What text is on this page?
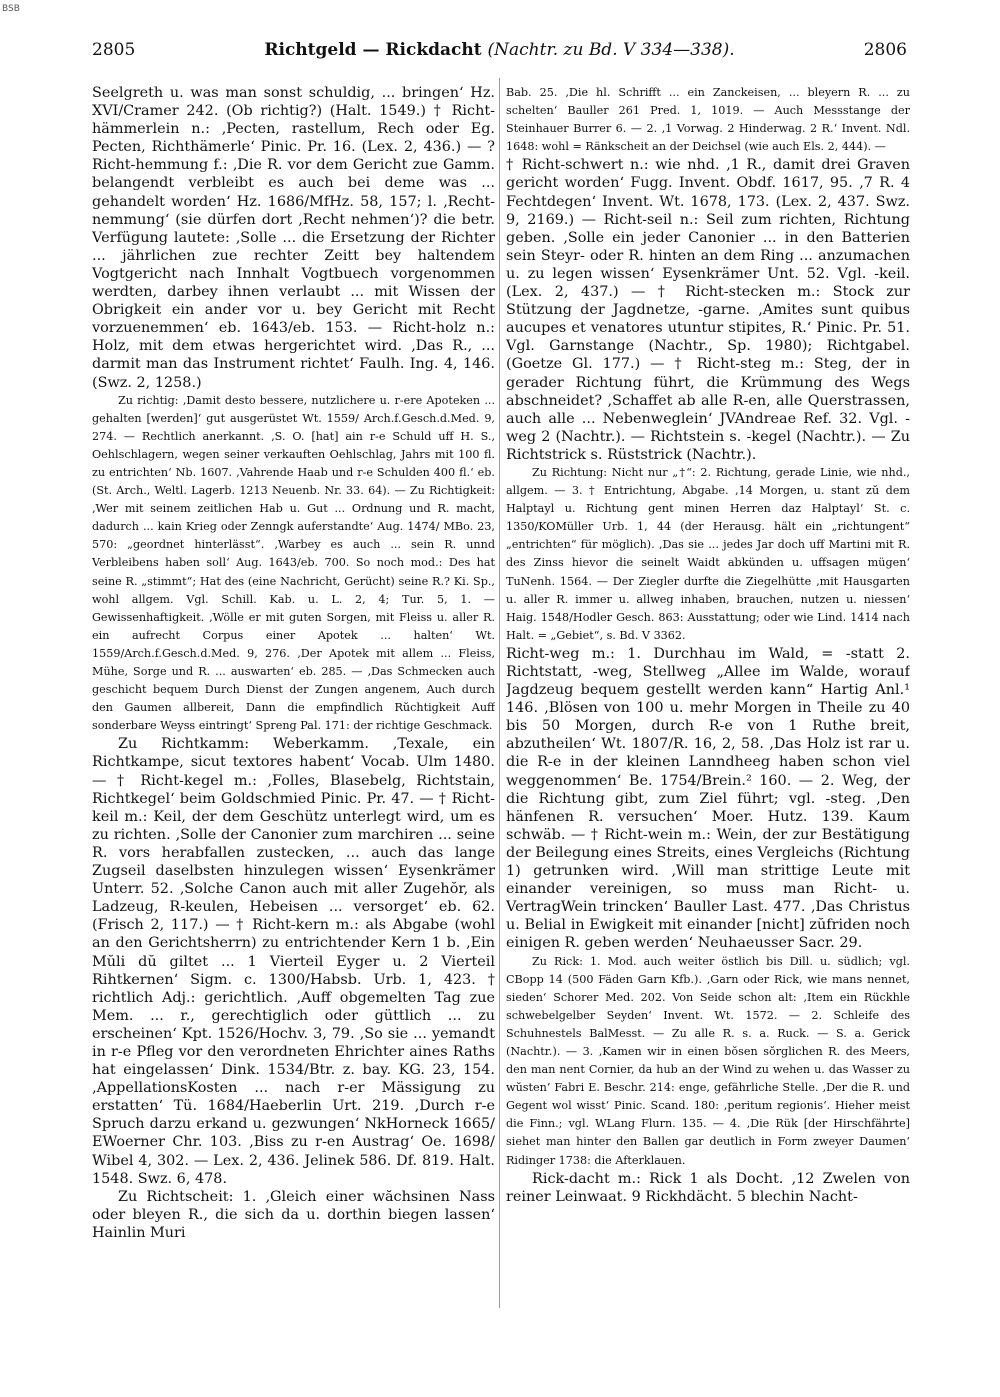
BSB
2805	Richtgeld — Rickdacht (Nachtr. zu Bd. V 334—338).	2806

Seelgreth u. was man sonst schuldig, ... bringen‘ Hz. XVI/Cramer 242. (Ob richtig?) (Halt. 1549.) † Richt-hämmerlein n.: ‚Pecten, rastellum, Rech oder Eg. Pecten, Richthämerle‘ Pinic. Pr. 16. (Lex. 2, 436.) — ? Richt-hemmung f.: ‚Die R. vor dem Gericht zue Gamm. belangendt verbleibt es auch bei deme was ... gehandelt worden‘ Hz. 1686/MfHz. 58, 157; l. ‚Recht-nemmung‘ (sie dürfen dort ‚Recht nehmen‘)? die betr. Verfügung lautete: ‚Solle ... die Ersetzung der Richter ... jährlichen zue rechter Zeitt bey haltendem Vogtgericht nach Innhalt Vogtbuech vorgenommen werdten, darbey ihnen verlaubt ... mit Wissen der Obrigkeit ein ander vor u. bey Gericht mit Recht vorzuenemmen‘ eb. 1643/eb. 153. — Richt-holz n.: Holz, mit dem etwas hergerichtet wird. ‚Das R., ... darmit man das Instrument richtet‘ Faulh. Ing. 4, 146. (Swz. 2, 1258.)

Zu richtig: ‚Damit desto bessere, nutzlichere u. r-ere Apoteken ... gehalten [werden]‘ gut ausgerüstet Wt. 1559/ Arch.f.Gesch.d.Med. 9, 274. — Rechtlich anerkannt. ‚S. O. [hat] ain r-e Schuld uff H. S., Oehlschlagern, wegen seiner verkauften Oehlschlag, Jahrs mit 100 fl. zu entrichten‘ Nb. 1607. ‚Vahrende Haab und r-e Schulden 400 fl.‘ eb. (St. Arch., Weltl. Lagerb. 1213 Neuenb. Nr. 33. 64). — Zu Richtigkeit: ‚Wer mit seinem zeitlichen Hab u. Gut ... Ordnung und R. macht, dadurch ... kain Krieg oder Zenngk auferstandte‘ Aug. 1474/ MBo. 23, 570: „geordnet hinterlässt“. ‚Warbey es auch ... sein R. unnd Verbleibens haben soll‘ Aug. 1643/eb. 700. So noch mod.: Des hat seine R. „stimmt“; Hat des (eine Nachricht, Gerücht) seine R.? Ki. Sp., wohl allgem. Vgl. Schill. Kab. u. L. 2, 4; Tur. 5, 1. — Gewissenhaftigkeit. ‚Wölle er mit guten Sorgen, mit Fleiss u. aller R. ein aufrecht Corpus einer Apotek ... halten‘ Wt. 1559/Arch.f.Gesch.d.Med. 9, 276. ‚Der Apotek mit allem ... Fleiss, Mühe, Sorge und R. ... auswarten‘ eb. 285. — ‚Das Schmecken auch geschicht bequem Durch Dienst der Zungen angenem, Auch durch den Gaumen allbereit, Dann die empfindlich Rŭchtigkeit Auff sonderbare Weyss eintringt‘ Spreng Pal. 171: der richtige Geschmack.

Zu Richtkamm: Weberkamm. ‚Texale, ein Richtkampe, sicut textores habent‘ Vocab. Ulm 1480. — † Richt-kegel m.: ‚Folles, Blasebelg, Richtstain, Richtkegel‘ beim Goldschmied Pinic. Pr. 47. — † Richt-keil m.: Keil, der dem Geschütz unterlegt wird, um es zu richten. ‚Solle der Canonier zum marchiren ... seine R. vors herabfallen zustecken, ... auch das lange Zugseil daselbsten hinzulegen wissen‘ Eysenkrämer Unterr. 52. ‚Solche Canon auch mit aller Zugehŏr, als Ladzeug, R-keulen, Hebeisen ... versorget‘ eb. 62. (Frisch 2, 117.) — † Richt-kern m.: als Abgabe (wohl an den Gerichtsherrn) zu entrichtender Kern 1 b. ‚Ein Mŭli dŭ giltet ... 1 Vierteil Eyger u. 2 Vierteil Rihtkernen‘ Sigm. c. 1300/Habsb. Urb. 1, 423. † richtlich Adj.: gerichtlich. ‚Auff obgemelten Tag zue Mem. ... r., gerechtiglich oder güttlich ... zu erscheinen‘ Kpt. 1526/Hochv. 3, 79. ‚So sie ... yemandt in r-e Pfleg vor den verordneten Ehrichter aines Raths hat eingelassen‘ Dink. 1534/Btr. z. bay. KG. 23, 154. ‚AppellationsKosten ... nach r-er Mässigung zu erstatten‘ Tü. 1684/Haeberlin Urt. 219. ‚Durch r-e Spruch darzu erkand u. gezwungen‘ NkHorneck 1665/ EWoerner Chr. 103. ‚Biss zu r-en Austrag‘ Oe. 1698/ Wibel 4, 302. — Lex. 2, 436. Jelinek 586. Df. 819. Halt. 1548. Swz. 6, 478.

Zu Richtscheit: 1. ‚Gleich einer wăchsinen Nass oder bleyen R., die sich da u. dorthin biegen lassen‘ Hainlin Muri

Bab. 25. ‚Die hl. Schrifft ... ein Zanckeisen, ... bleyern R. ... zu schelten‘ Bauller 261 Pred. 1, 1019. — Auch Messstange der Steinhauer Burrer 6. — 2. ‚1 Vorwag. 2 Hinderwag. 2 R.‘ Invent. Ndl. 1648: wohl = Ränkscheit an der Deichsel (wie auch Els. 2, 444). —

† Richt-schwert n.: wie nhd. ‚1 R., damit drei Graven gericht worden‘ Fugg. Invent. Obdf. 1617, 95. ‚7 R. 4 Fechtdegen‘ Invent. Wt. 1678, 173. (Lex. 2, 437. Swz. 9, 2169.) — Richt-seil n.: Seil zum richten, Richtung geben. ‚Solle ein jeder Canonier ... in den Batterien sein Steyr- oder R. hinten an dem Ring ... anzumachen u. zu legen wissen‘ Eysenkrämer Unt. 52. Vgl. -keil. (Lex. 2, 437.) — † Richt-stecken m.: Stock zur Stützung der Jagdnetze, -garne. ‚Amites sunt quibus aucupes et venatores utuntur stipites, R.‘ Pinic. Pr. 51. Vgl. Garnstange (Nachtr., Sp. 1980); Richtgabel. (Goetze Gl. 177.) — † Richt-steg m.: Steg, der in gerader Richtung führt, die Krümmung des Wegs abschneidet? ‚Schaffet ab alle R-en, alle Querstrassen, auch alle ... Nebenweglein‘ JVAndreae Ref. 32. Vgl. -weg 2 (Nachtr.). — Richtstein s. -kegel (Nachtr.). — Zu Richtstrick s. Rüststrick (Nachtr.).

Zu Richtung: Nicht nur „†“: 2. Richtung, gerade Linie, wie nhd., allgem. — 3. † Entrichtung, Abgabe. ‚14 Morgen, u. stant zŭ dem Halptayl u. Richtung gent minen Herren daz Halptayl‘ St. c. 1350/KOMüller Urb. 1, 44 (der Herausg. hält ein „richtungent“ „entrichten“ für möglich). ‚Das sie ... jedes Jar doch uff Martini mit R. des Zinss hievor die seinelt Waidt abkünden u. uffsagen mügen‘ TuNenh. 1564. — Der Ziegler durfte die Ziegelhütte ‚mit Hausgarten u. aller R. immer u. allweg inhaben, brauchen, nutzen u. niessen‘ Haig. 1548/Hodler Gesch. 863: Ausstattung; oder wie Lind. 1414 nach Halt. = „Gebiet“, s. Bd. V 3362.

Richt-weg m.: 1. Durchhau im Wald, = -statt 2. Richtstatt, -weg, Stellweg „Allee im Walde, worauf Jagdzeug bequem gestellt werden kann“ Hartig Anl.¹ 146. ‚Blösen von 100 u. mehr Morgen in Theile zu 40 bis 50 Morgen, durch R-e von 1 Ruthe breit, abzutheilen‘ Wt. 1807/R. 16, 2, 58. ‚Das Holz ist rar u. die R-e in der kleinen Lanndheeg haben schon viel weggenommen‘ Be. 1754/Brein.² 160. — 2. Weg, der die Richtung gibt, zum Ziel führt; vgl. -steg. ‚Den hänfenen R. versuchen‘ Moer. Hutz. 139. Kaum schwäb. — † Richt-wein m.: Wein, der zur Bestätigung der Beilegung eines Streits, eines Vergleichs (Richtung 1) getrunken wird. ‚Will man strittige Leute mit einander vereinigen, so muss man Richt- u. VertragWein trincken‘ Bauller Last. 477. ‚Das Christus u. Belial in Ewigkeit mit einander [nicht] zŭfriden noch einigen R. geben werden‘ Neuhaeusser Sacr. 29.

Zu Rick: 1. Mod. auch weiter östlich bis Dill. u. südlich; vgl. CBopp 14 (500 Fäden Garn Kfb.). ‚Garn oder Rick, wie mans nennet, sieden‘ Schorer Med. 202. Von Seide schon alt: ‚Item ein Rückhle schwebelgelber Seyden‘ Invent. Wt. 1572. — 2. Schleife des Schuhnestels BalMesst. — Zu alle R. s. a. Ruck. — S. a. Gerick (Nachtr.). — 3. ‚Kamen wir in einen bŏsen sŏrglichen R. des Meers, den man nent Cornier, da hub an der Wind zu wehen u. das Wasser zu wŭsten‘ Fabri E. Beschr. 214: enge, gefährliche Stelle. ‚Der die R. und Gegent wol wisst‘ Pinic. Scand. 180: ‚peritum regionis‘. Hieher meist die Finn.; vgl. WLang Flurn. 135. — 4. ‚Die Rük [der Hirschfährte] siehet man hinter den Ballen gar deutlich in Form zweyer Daumen‘ Ridinger 1738: die Afterklauen.

Rick-dacht m.: Rick 1 als Docht. ‚12 Zwelen von reiner Leinwaat. 9 Rickhdächt. 5 blechin Nacht-
